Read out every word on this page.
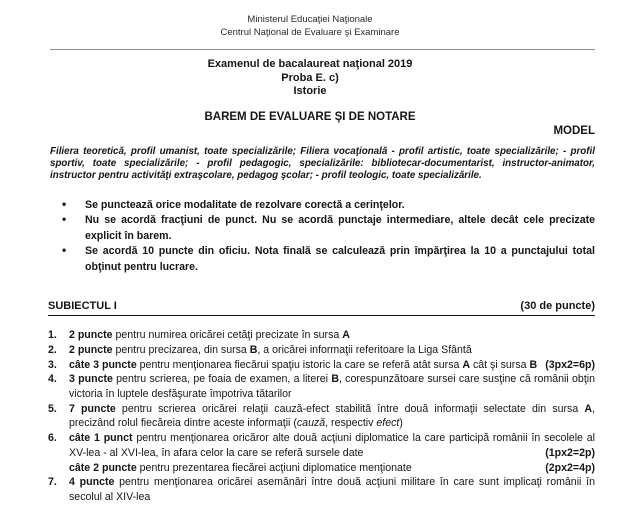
Ministerul Educaţiei Naţionale
Centrul Naţional de Evaluare şi Examinare
Examenul de bacalaureat naţional 2019
Proba E. c)
Istorie
BAREM DE EVALUARE ŞI DE NOTARE
MODEL
Filiera teoretică, profil umanist, toate specializările; Filiera vocaţională - profil artistic, toate specializările; - profil sportiv, toate specializările; - profil pedagogic, specializările: bibliotecar-documentarist, instructor-animator, instructor pentru activităţi extraşcolare, pedagog şcolar; - profil teologic, toate specializările.
• Se punctează orice modalitate de rezolvare corectă a cerinţelor.
• Nu se acordă fracţiuni de punct. Nu se acordă punctaje intermediare, altele decât cele precizate explicit în barem.
• Se acordă 10 puncte din oficiu. Nota finală se calculează prin împărţirea la 10 a punctajului total obţinut pentru lucrare.
SUBIECTUL I	(30 de puncte)
1. 2 puncte pentru numirea oricărei cetăţi precizate în sursa A
2. 2 puncte pentru precizarea, din sursa B, a oricărei informaţii referitoare la Liga Sfântă
3. câte 3 puncte pentru menţionarea fiecărui spaţiu istoric la care se referă atât sursa A cât şi sursa B (3px2=6p)
4. 3 puncte pentru scrierea, pe foaia de examen, a literei B, corespunzătoare sursei care susţine că românii obţin victoria în luptele desfăşurate împotriva tătarilor
5. 7 puncte pentru scrierea oricărei relaţii cauză-efect stabilită între două informaţii selectate din sursa A, precizând rolul fiecăreia dintre aceste informaţii (cauză, respectiv efect)
6. câte 1 punct pentru menţionarea oricăror alte două acţiuni diplomatice la care participă românii în secolele al XV-lea - al XVI-lea, în afara celor la care se referă sursele date	(1px2=2p)
câte 2 puncte pentru prezentarea fiecărei acţiuni diplomatice menţionate	(2px2=4p)
7. 4 puncte pentru menţionarea oricărei asemănări între două acţiuni militare în care sunt implicaţi românii în secolul al XIV-lea
